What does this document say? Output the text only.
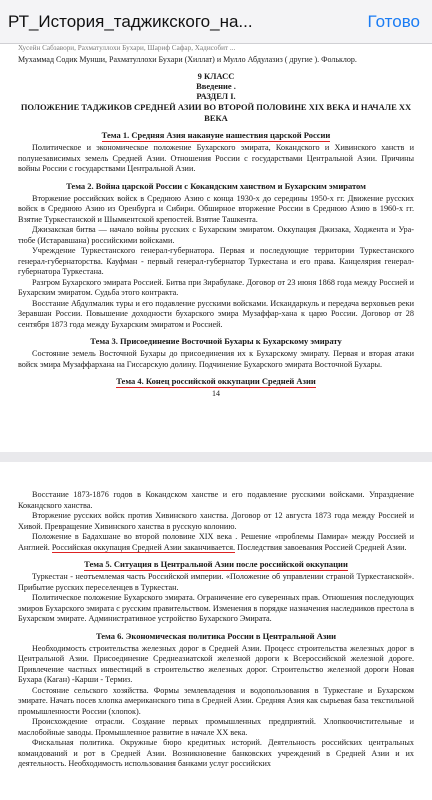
РТ_История_таджикского_на...	Готово
Хусейн Сабзавори, Рахматуллохи Бухари, Шариф Сафар, Хадисобит ...
Мухаммад Содик Мунши, Рахматуллохи Бухари (Хиллат) и Мулло Абдулазиз ( другие ). Фольклор.
9 КЛАСС
Введение .
РАЗДЕЛ I.
ПОЛОЖЕНИЕ ТАДЖИКОВ СРЕДНЕЙ АЗИИ ВО ВТОРОЙ ПОЛОВИНЕ XIX ВЕКА И НАЧАЛЕ XX ВЕКА
Тема 1. Средняя Азия накануне нашествия царской России

Политическое и экономическое положение Бухарского эмирата, Кокандского и Хивинского ханств и полунезависимых земель Средней Азии. Отношения России с государствами Центральной Азии. Причины войны России с государствами Центральной Азии.

Тема 2. Война царской России с Кокандским ханством и Бухарским эмиратом

Вторжение российских войск в Среднюю Азию с конца 1930-х до середины 1950-х гг. Движение русских войск в Среднюю Азию из Оренбурга и Сибири. Обширное вторжение России в Среднюю Азию в 1960-х гг. Взятие Туркестанской и Шымкентской крепостей. Взятие Ташкента.

Джизакская битва — начало войны русских с Бухарским эмиратом. Оккупация Джизака, Ходжента и Ура-тюбе (Истаравшана) российскими войсками.

Учреждение Туркестанского генерал-губернатора. Первая и последующие территории Туркестанского генерал-губернаторства. Кауфман - первый генерал-губернатор Туркестана и его права. Канцелярия генерал-губернатора Туркестана.

Разгром Бухарского эмирата Россией. Битва при Зирабулаке. Договор от 23 июня 1868 года между Россией и Бухарским эмиратом. Судьба этого контракта.

Восстание Абдулмалик туры и его подавление русскими войсками. Искандаркуль и передача верховьев реки Зеравшан России. Повышение доходности бухарского эмира Музаффар-хана к царю России. Договор от 28 сентября 1873 года между Бухарским эмиратом и Россией.

Тема 3. Присоединение Восточной Бухары к Бухарскому эмирату

Состояние земель Восточной Бухары до присоединения их к Бухарскому эмирату. Первая и вторая атаки войск эмира Музаффархана на Гиссарскую долину. Подчинение Бухарского эмирата Восточной Бухары.

Тема 4. Конец российской оккупации Средней Азии
14

Восстание 1873-1876 годов в Кокандском ханстве и его подавление русскими войсками. Упразднение Кокандского ханства.

Вторжение русских войск против Хивинского ханства. Договор от 12 августа 1873 года между Россией и Хивой. Превращение Хивинского ханства в русскую колонию.

Положение в Бадахшане во второй половине XIX века . Решение «проблемы Памира» между Россией и Англией. Российская оккупация Средней Азии заканчивается. Последствия завоевания Россией Средней Азии.

Тема 5. Ситуация в Центральной Азии после российской оккупации

Туркестан - неотъемлемая часть Российской империи. «Положение об управлении страной Туркестанской». Прибытие русских переселенцев в Туркестан.

Политическое положение Бухарского эмирата. Ограничение его суверенных прав. Отношения последующих эмиров Бухарского эмирата с русским правительством. Изменения в порядке назначения наследников престола в Бухарском эмирате. Административное устройство Бухарского Эмирата.

Тема 6. Экономическая политика России в Центральной Азии

Необходимость строительства железных дорог в Средней Азии. Процесс строительства железных дорог в Центральной Азии. Присоединение Среднеазиатской железной дороги к Всероссийской железной дороге. Привлечение частных инвестиций в строительство железных дорог. Строительство железной дороги Новая Бухара (Каган) -Карши - Термиз.

Состояние сельского хозяйства. Формы землевладения и водопользования в Туркестане и Бухарском эмирате. Начать посев хлопка американского типа в Средней Азии. Средняя Азия как сырьевая база текстильной промышленности России (хлопок).

Происхождение отрасли. Создание первых промышленных предприятий. Хлопкоочистительные и маслобойные заводы. Промышленное развитие в начале XX века.

Фискальная политика. Окружные бюро кредитных историй. Деятельность российских центральных командований и рот в Средней Азии. Возникновение банковских учреждений в Средней Азии и их деятельность. Необходимость использования банками услуг российских
